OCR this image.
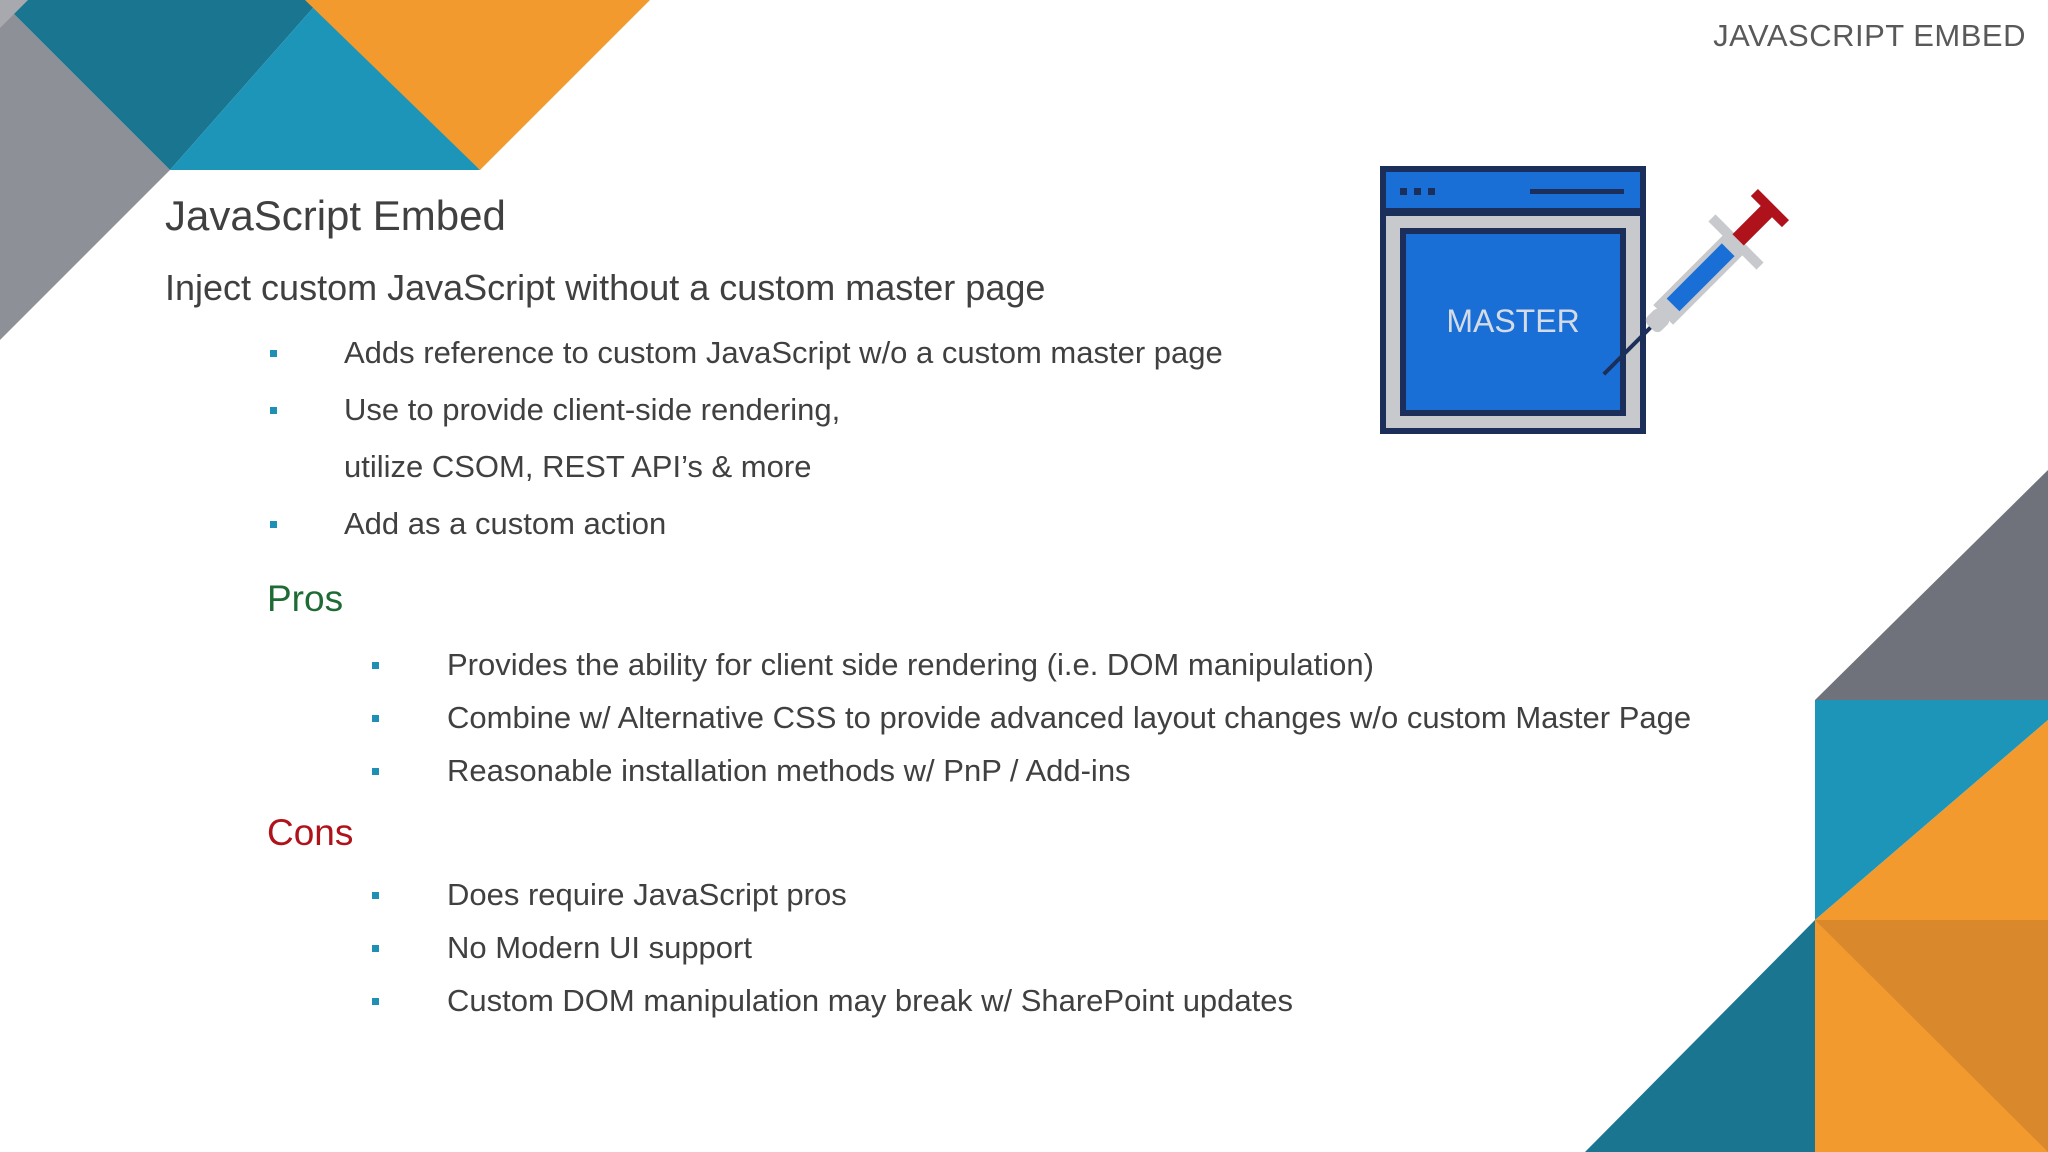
JAVASCRIPT EMBED
JavaScript Embed
Inject custom JavaScript without a custom master page
Adds reference to custom JavaScript w/o a custom master page
Use to provide client-side rendering,
utilize CSOM, REST API’s & more
Add as a custom action
Pros
Provides the ability for client side rendering (i.e. DOM manipulation)
Combine w/ Alternative CSS to provide advanced layout changes w/o custom Master Page
Reasonable installation methods w/ PnP / Add-ins
Cons
Does require JavaScript pros
No Modern UI support
Custom DOM manipulation may break w/ SharePoint updates
MASTER
